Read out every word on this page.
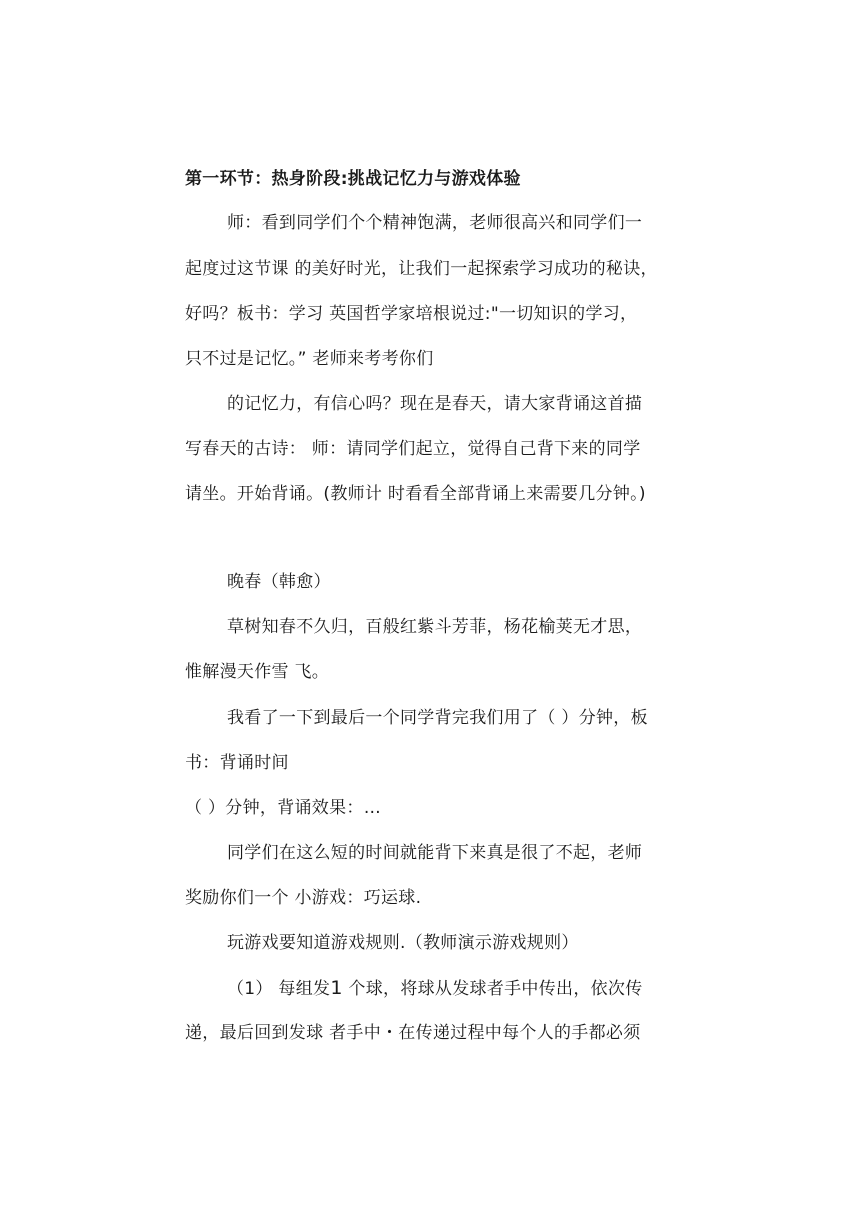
第一环节：热身阶段:挑战记忆力与游戏体验
师：看到同学们个个精神饱满，老师很高兴和同学们一
起度过这节课 的美好时光，让我们一起探索学习成功的秘诀，
好吗？板书：学习 英国哲学家培根说过:"一切知识的学习，
只不过是记忆。” 老师来考考你们
的记忆力，有信心吗？现在是春天，请大家背诵这首描
写春天的古诗： 师：请同学们起立，觉得自己背下来的同学
请坐。开始背诵。(教师计 时看看全部背诵上来需要几分钟。)
晚春（韩愈）
草树知春不久归，百般红紫斗芳菲，杨花榆荚无才思，
惟解漫天作雪 飞。
我看了一下到最后一个同学背完我们用了（ ）分钟，板
书：背诵时间
（ ）分钟，背诵效果：…
同学们在这么短的时间就能背下来真是很了不起，老师
奖励你们一个 小游戏：巧运球.
玩游戏要知道游戏规则.（教师演示游戏规则）
（1） 每组发1 个球，将球从发球者手中传出，依次传
递，最后回到发球 者手中・在传递过程中每个人的手都必须
